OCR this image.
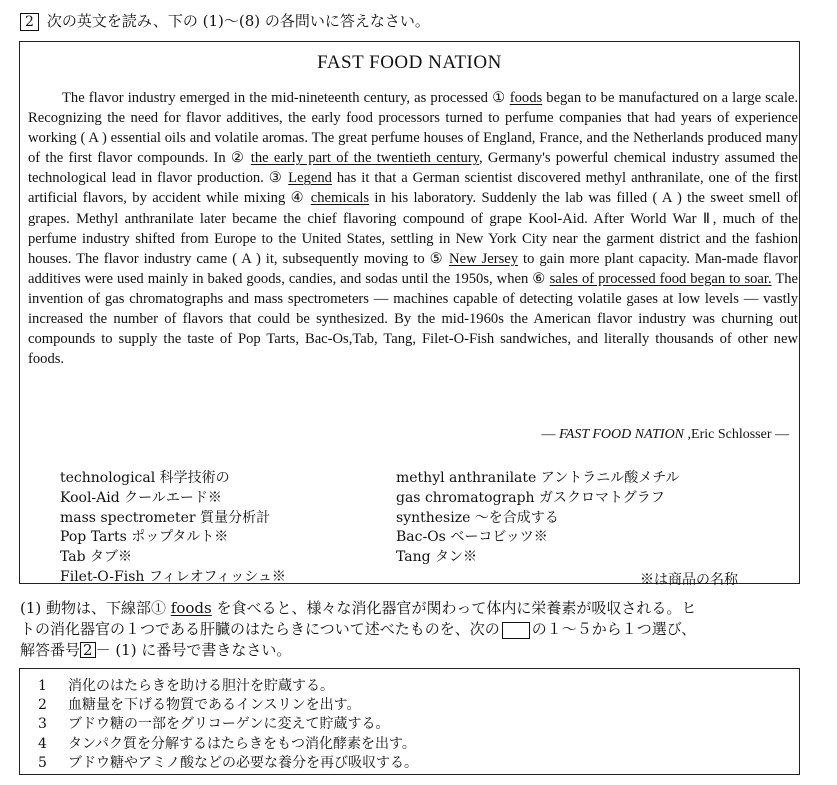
2 次の英文を読み、下の (1)～(8) の各問いに答えなさい。
FAST FOOD NATION

The flavor industry emerged in the mid-nineteenth century, as processed ① foods began to be manufactured on a large scale. Recognizing the need for flavor additives, the early food processors turned to perfume companies that had years of experience working ( A ) essential oils and volatile aromas. The great perfume houses of England, France, and the Netherlands produced many of the first flavor compounds. In ② the early part of the twentieth century, Germany's powerful chemical industry assumed the technological lead in flavor production. ③ Legend has it that a German scientist discovered methyl anthranilate, one of the first artificial flavors, by accident while mixing ④ chemicals in his laboratory. Suddenly the lab was filled ( A ) the sweet smell of grapes. Methyl anthranilate later became the chief flavoring compound of grape Kool-Aid. After World War Ⅱ, much of the perfume industry shifted from Europe to the United States, settling in New York City near the garment district and the fashion houses. The flavor industry came ( A ) it, subsequently moving to ⑤ New Jersey to gain more plant capacity. Man-made flavor additives were used mainly in baked goods, candies, and sodas until the 1950s, when ⑥ sales of processed food began to soar. The invention of gas chromatographs and mass spectrometers ― machines capable of detecting volatile gases at low levels ― vastly increased the number of flavors that could be synthesized. By the mid-1960s the American flavor industry was churning out compounds to supply the taste of Pop Tarts, Bac-Os,Tab, Tang, Filet-O-Fish sandwiches, and literally thousands of other new foods.

― FAST FOOD NATION ,Eric Schlosser ―
technological 科学技術の
Kool-Aid クールエード※
mass spectrometer 質量分析計
Pop Tarts ポップタルト※
Tab タブ※
Filet-O-Fish フィレオフィッシュ※
methyl anthranilate アントラニル酸メチル
gas chromatograph ガスクロマトグラフ
synthesize ～を合成する
Bac-Os ベーコビッツ※
Tang タン※
※は商品の名称
(1) 動物は、下線部① foods を食べると、様々な消化器官が関わって体内に栄養素が吸収される。ヒ
トの消化器官の１つである肝臓のはたらきについて述べたものを、次の の１～５から１つ選び、
解答番号 2 － (1) に番号で書きなさい。
1 消化のはたらきを助ける胆汁を貯蔵する。
2 血糖量を下げる物質であるインスリンを出す。
3 ブドウ糖の一部をグリコーゲンに変えて貯蔵する。
4 タンパク質を分解するはたらきをもつ消化酵素を出す。
5 ブドウ糖やアミノ酸などの必要な養分を再び吸収する。
